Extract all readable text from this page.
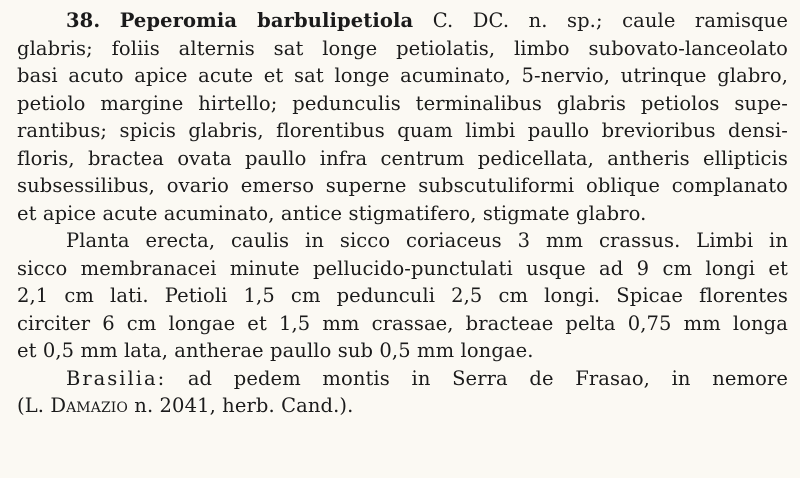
38. Peperomia barbulipetiola C. DC. n. sp.; caule ramisque
glabris; foliis alternis sat longe petiolatis, limbo subovato-lanceolato
basi acuto apice acute et sat longe acuminato, 5-nervio, utrinque glabro,
petiolo margine hirtello; pedunculis terminalibus glabris petiolos supe-
rantibus; spicis glabris, florentibus quam limbi paullo brevioribus densi-
floris, bractea ovata paullo infra centrum pedicellata, antheris ellipticis
subsessilibus, ovario emerso superne subscutuliformi oblique complanato
et apice acute acuminato, antice stigmatifero, stigmate glabro.
Planta erecta, caulis in sicco coriaceus 3 mm crassus. Limbi in
sicco membranacei minute pellucido-punctulati usque ad 9 cm longi et
2,1 cm lati. Petioli 1,5 cm pedunculi 2,5 cm longi. Spicae florentes
circiter 6 cm longae et 1,5 mm crassae, bracteae pelta 0,75 mm longa
et 0,5 mm lata, antherae paullo sub 0,5 mm longae.
Brasilia: ad pedem montis in Serra de Frasao, in nemore
(L. Damazio n. 2041, herb. Cand.).
